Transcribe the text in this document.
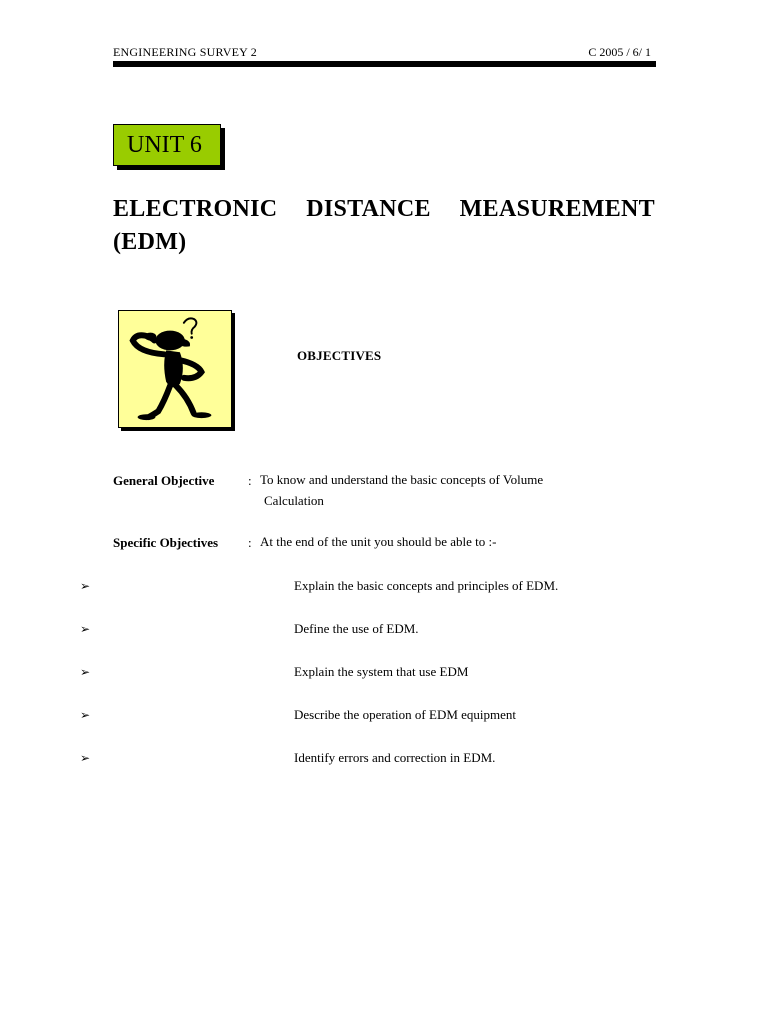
ENGINEERING SURVEY 2	C 2005 / 6/ 1
UNIT 6
ELECTRONIC DISTANCE MEASUREMENT (EDM)
OBJECTIVES
General Objective	: To know and understand the basic concepts of Volume
Calculation
Specific Objectives : At the end of the unit you should be able to :-
➢	Explain the basic concepts and principles of EDM.
➢	Define the use of EDM.
➢	Explain the system that use EDM
➢	Describe the operation of EDM equipment
➢	Identify errors and correction in EDM.
